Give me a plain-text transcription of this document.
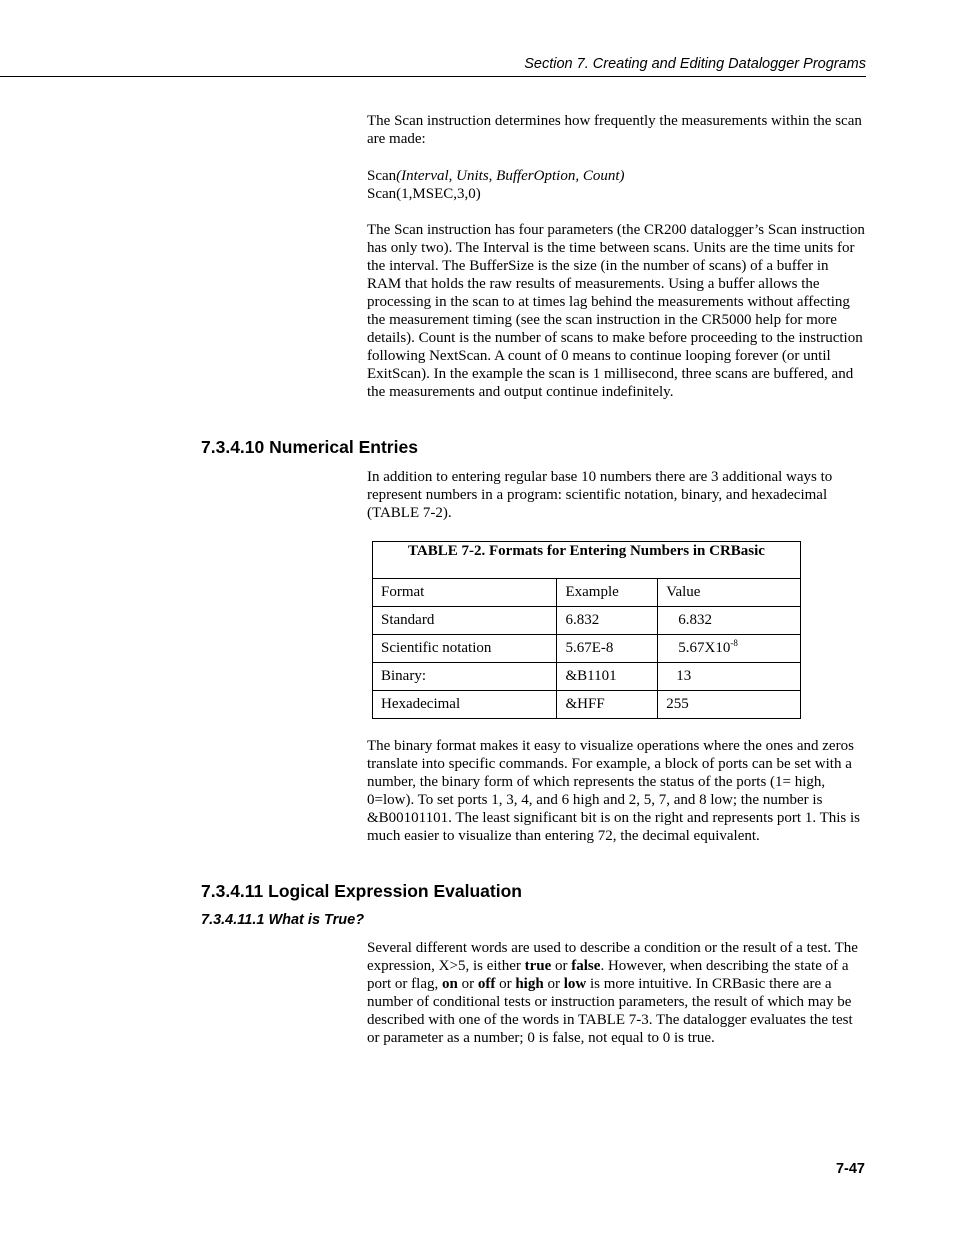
Section 7. Creating and Editing Datalogger Programs

The Scan instruction determines how frequently the measurements within the scan are made:

Scan(Interval, Units, BufferOption, Count)
Scan(1,MSEC,3,0)

The Scan instruction has four parameters (the CR200 datalogger’s Scan instruction has only two). The Interval is the time between scans. Units are the time units for the interval. The BufferSize is the size (in the number of scans) of a buffer in RAM that holds the raw results of measurements. Using a buffer allows the processing in the scan to at times lag behind the measurements without affecting the measurement timing (see the scan instruction in the CR5000 help for more details). Count is the number of scans to make before proceeding to the instruction following NextScan. A count of 0 means to continue looping forever (or until ExitScan). In the example the scan is 1 millisecond, three scans are buffered, and the measurements and output continue indefinitely.

7.3.4.10 Numerical Entries

In addition to entering regular base 10 numbers there are 3 additional ways to represent numbers in a program: scientific notation, binary, and hexadecimal (TABLE 7-2).

TABLE 7-2. Formats for Entering Numbers in CRBasic		
Format	Example	Value
Standard	6.832	6.832
Scientific notation	5.67E-8	$5.67X10^{-8}$
Binary:	&B1101	13
Hexadecimal	&HFF	255

The binary format makes it easy to visualize operations where the ones and zeros translate into specific commands. For example, a block of ports can be set with a number, the binary form of which represents the status of the ports (1= high, 0=low). To set ports 1, 3, 4, and 6 high and 2, 5, 7, and 8 low; the number is &B00101101. The least significant bit is on the right and represents port 1. This is much easier to visualize than entering 72, the decimal equivalent.

7.3.4.11 Logical Expression Evaluation
7.3.4.11.1 What is True?

Several different words are used to describe a condition or the result of a test. The expression, X>5, is either true or false. However, when describing the state of a port or flag, on or off or high or low is more intuitive. In CRBasic there are a number of conditional tests or instruction parameters, the result of which may be described with one of the words in TABLE 7-3. The datalogger evaluates the test or parameter as a number; 0 is false, not equal to 0 is true.

7-47
